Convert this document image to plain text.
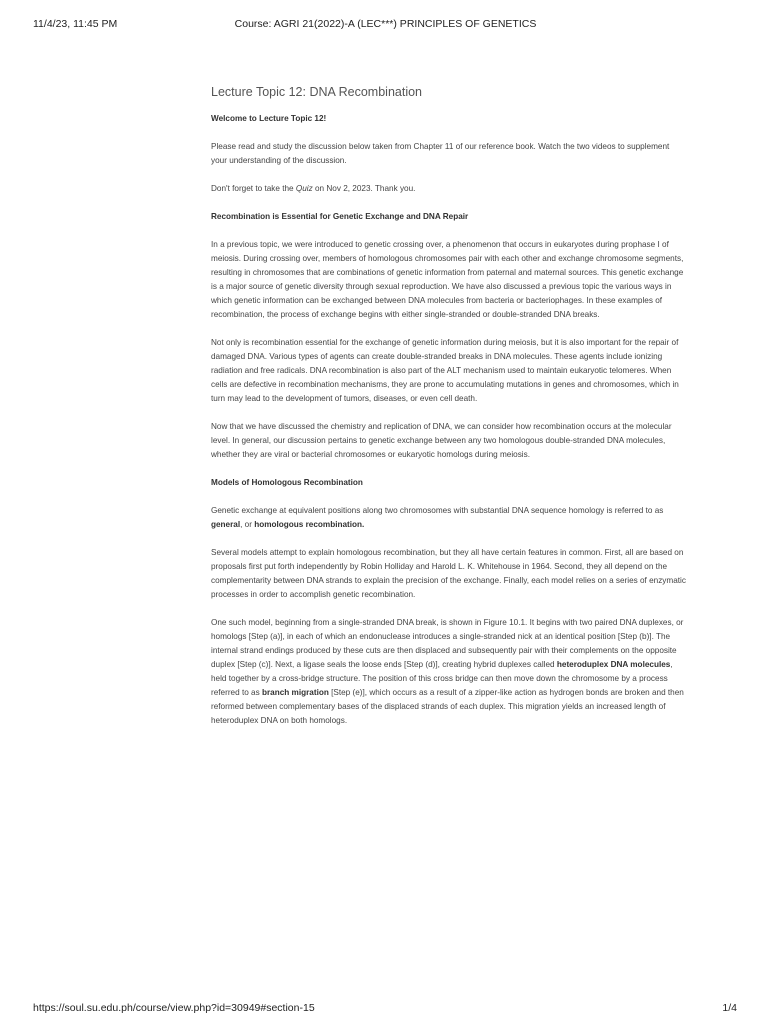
11/4/23, 11:45 PM	Course: AGRI 21(2022)-A (LEC***) PRINCIPLES OF GENETICS
Lecture Topic 12: DNA Recombination

Welcome to Lecture Topic 12!

Please read and study the discussion below taken from Chapter 11 of our reference book. Watch the two videos to supplement your understanding of the discussion.

Don't forget to take the Quiz on Nov 2, 2023. Thank you.

Recombination is Essential for Genetic Exchange and DNA Repair

In a previous topic, we were introduced to genetic crossing over, a phenomenon that occurs in eukaryotes during prophase I of meiosis. During crossing over, members of homologous chromosomes pair with each other and exchange chromosome segments, resulting in chromosomes that are combinations of genetic information from paternal and maternal sources. This genetic exchange is a major source of genetic diversity through sexual reproduction. We have also discussed a previous topic the various ways in which genetic information can be exchanged between DNA molecules from bacteria or bacteriophages. In these examples of recombination, the process of exchange begins with either single-stranded or double-stranded DNA breaks.

Not only is recombination essential for the exchange of genetic information during meiosis, but it is also important for the repair of damaged DNA. Various types of agents can create double-stranded breaks in DNA molecules. These agents include ionizing radiation and free radicals. DNA recombination is also part of the ALT mechanism used to maintain eukaryotic telomeres. When cells are defective in recombination mechanisms, they are prone to accumulating mutations in genes and chromosomes, which in turn may lead to the development of tumors, diseases, or even cell death.

Now that we have discussed the chemistry and replication of DNA, we can consider how recombination occurs at the molecular level. In general, our discussion pertains to genetic exchange between any two homologous double-stranded DNA molecules, whether they are viral or bacterial chromosomes or eukaryotic homologs during meiosis.

Models of Homologous Recombination

Genetic exchange at equivalent positions along two chromosomes with substantial DNA sequence homology is referred to as general, or homologous recombination.

Several models attempt to explain homologous recombination, but they all have certain features in common. First, all are based on proposals first put forth independently by Robin Holliday and Harold L. K. Whitehouse in 1964. Second, they all depend on the complementarity between DNA strands to explain the precision of the exchange. Finally, each model relies on a series of enzymatic processes in order to accomplish genetic recombination.

One such model, beginning from a single-stranded DNA break, is shown in Figure 10.1. It begins with two paired DNA duplexes, or homologs [Step (a)], in each of which an endonuclease introduces a single-stranded nick at an identical position [Step (b)]. The internal strand endings produced by these cuts are then displaced and subsequently pair with their complements on the opposite duplex [Step (c)]. Next, a ligase seals the loose ends [Step (d)], creating hybrid duplexes called heteroduplex DNA molecules, held together by a cross-bridge structure. The position of this cross bridge can then move down the chromosome by a process referred to as branch migration [Step (e)], which occurs as a result of a zipper-like action as hydrogen bonds are broken and then reformed between complementary bases of the displaced strands of each duplex. This migration yields an increased length of heteroduplex DNA on both homologs.

https://soul.su.edu.ph/course/view.php?id=30949#section-15	1/4
